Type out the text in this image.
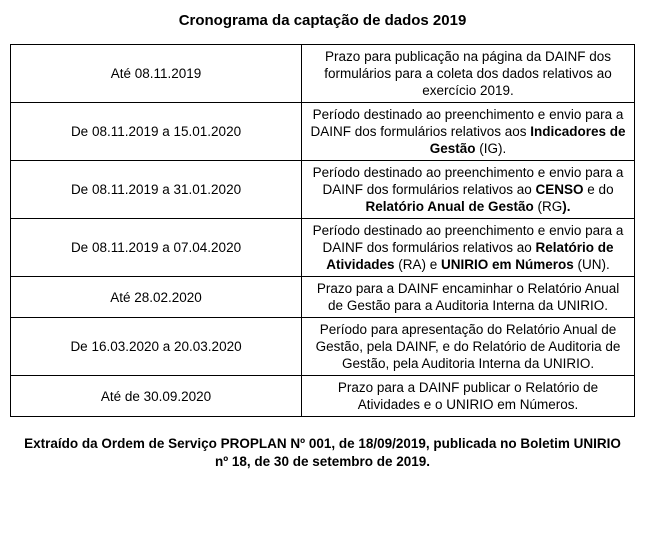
Cronograma da captação de dados 2019
Até 08.11.2019	Prazo para publicação na página da DAINF dos formulários para a coleta dos dados relativos ao exercício 2019.
De 08.11.2019 a 15.01.2020	Período destinado ao preenchimento e envio para a DAINF dos formulários relativos aos Indicadores de Gestão (IG).
De 08.11.2019 a 31.01.2020	Período destinado ao preenchimento e envio para a DAINF dos formulários relativos ao CENSO e do Relatório Anual de Gestão (RG).
De 08.11.2019 a 07.04.2020	Período destinado ao preenchimento e envio para a DAINF dos formulários relativos ao Relatório de Atividades (RA) e UNIRIO em Números (UN).
Até 28.02.2020	Prazo para a DAINF encaminhar o Relatório Anual de Gestão para a Auditoria Interna da UNIRIO.
De 16.03.2020 a 20.03.2020	Período para apresentação do Relatório Anual de Gestão, pela DAINF, e do Relatório de Auditoria de Gestão, pela Auditoria Interna da UNIRIO.
Até de 30.09.2020	Prazo para a DAINF publicar o Relatório de Atividades e o UNIRIO em Números.

Extraído da Ordem de Serviço PROPLAN Nº 001, de 18/09/2019, publicada no Boletim UNIRIO nº 18, de 30 de setembro de 2019.
